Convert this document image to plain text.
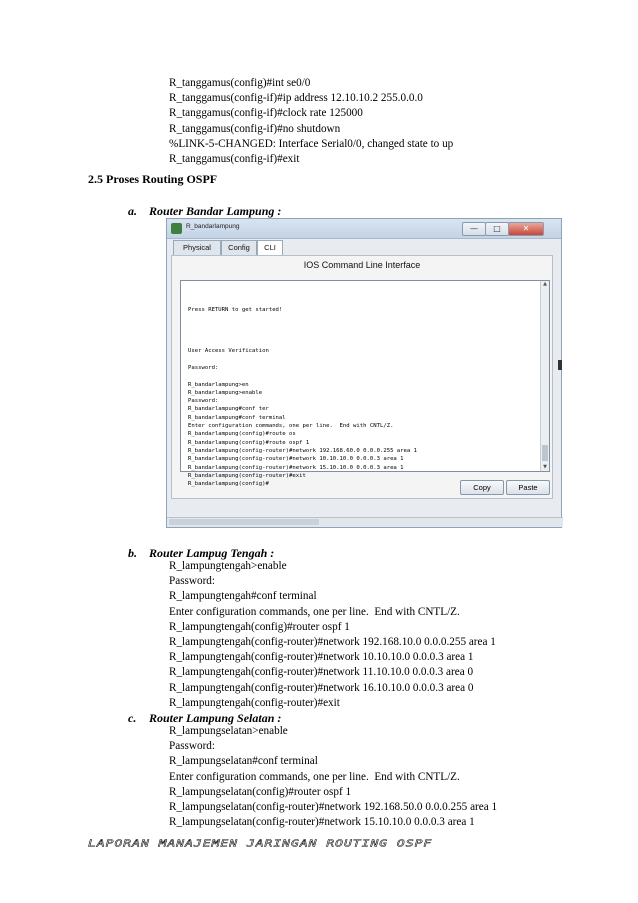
R_tanggamus(config)#int se0/0
R_tanggamus(config-if)#ip address 12.10.10.2 255.0.0.0
R_tanggamus(config-if)#clock rate 125000
R_tanggamus(config-if)#no shutdown
%LINK-5-CHANGED: Interface Serial0/0, changed state to up
R_tanggamus(config-if)#exit
2.5 Proses Routing OSPF
a. Router Bandar Lampung :
R_bandarlampung	—	□	✕
Physical	Config	CLI
IOS Command Line Interface
Press RETURN to get started!
User Access Verification
Password:
R_bandarlampung>en
R_bandarlampung>enable
Password:
R_bandarlampung#conf ter
R_bandarlampung#conf terminal
Enter configuration commands, one per line.  End with CNTL/Z.
R_bandarlampung(config)#route os
R_bandarlampung(config)#route ospf 1
R_bandarlampung(config-router)#network 192.168.60.0 0.0.0.255 area 1
R_bandarlampung(config-router)#network 10.10.10.0 0.0.0.3 area 1
R_bandarlampung(config-router)#network 15.10.10.0 0.0.0.3 area 1
R_bandarlampung(config-router)#exit
R_bandarlampung(config)#
▲
▼
Copy	Paste
b. Router Lampug Tengah :
R_lampungtengah>enable
Password:
R_lampungtengah#conf terminal
Enter configuration commands, one per line.  End with CNTL/Z.
R_lampungtengah(config)#router ospf 1
R_lampungtengah(config-router)#network 192.168.10.0 0.0.0.255 area 1
R_lampungtengah(config-router)#network 10.10.10.0 0.0.0.3 area 1
R_lampungtengah(config-router)#network 11.10.10.0 0.0.0.3 area 0
R_lampungtengah(config-router)#network 16.10.10.0 0.0.0.3 area 0
R_lampungtengah(config-router)#exit
c. Router Lampung Selatan :
R_lampungselatan>enable
Password:
R_lampungselatan#conf terminal
Enter configuration commands, one per line.  End with CNTL/Z.
R_lampungselatan(config)#router ospf 1
R_lampungselatan(config-router)#network 192.168.50.0 0.0.0.255 area 1
R_lampungselatan(config-router)#network 15.10.10.0 0.0.0.3 area 1
LAPORAN MANAJEMEN JARINGAN ROUTING OSPF
